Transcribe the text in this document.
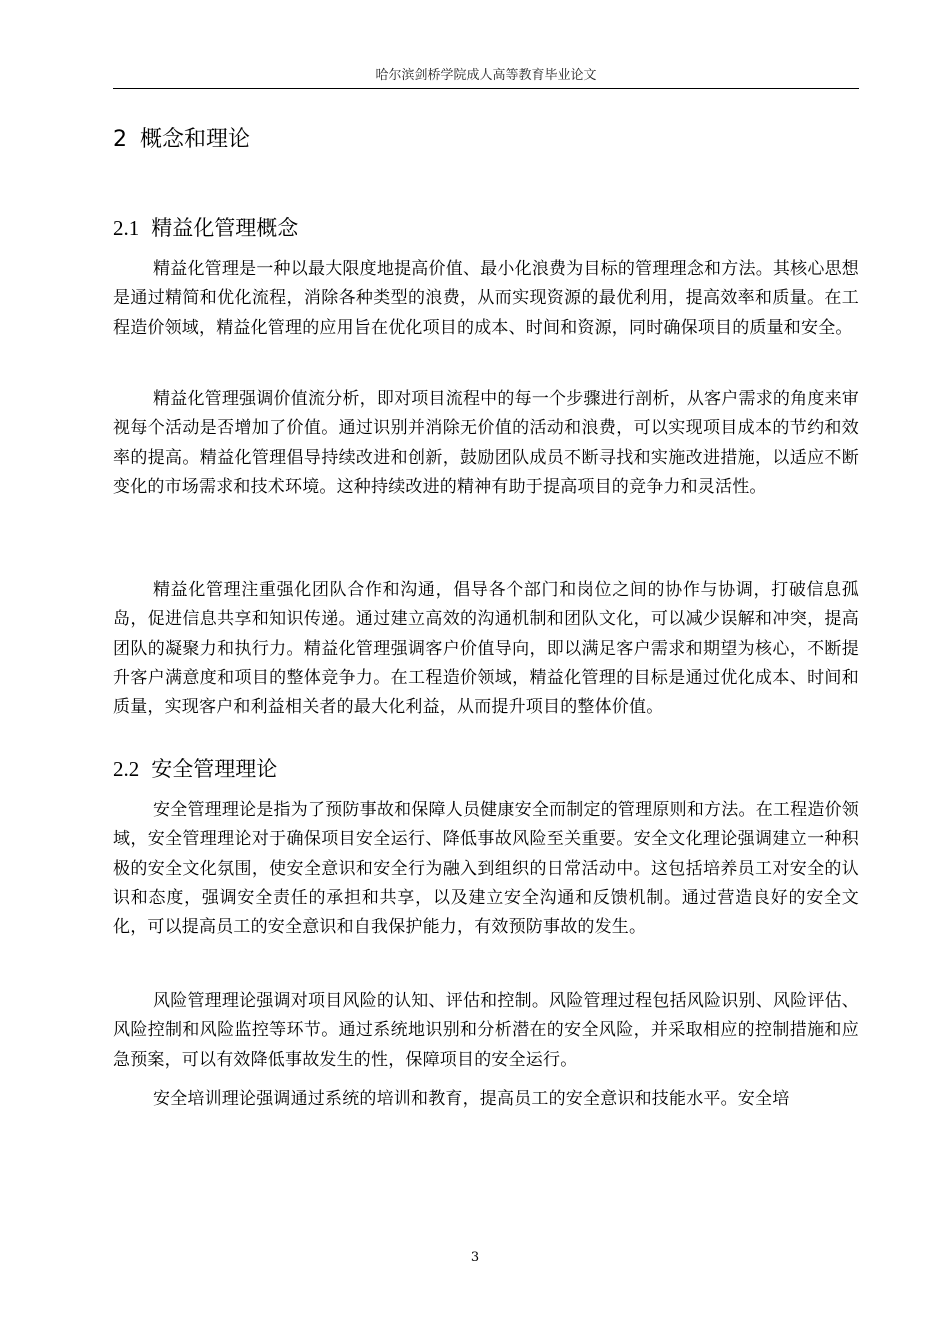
哈尔滨剑桥学院成人高等教育毕业论文
2 概念和理论
2.1 精益化管理概念

精益化管理是一种以最大限度地提高价值、最小化浪费为目标的管理理念和方法。其核心思想是通过精简和优化流程，消除各种类型的浪费，从而实现资源的最优利用，提高效率和质量。在工程造价领域，精益化管理的应用旨在优化项目的成本、时间和资源，同时确保项目的质量和安全。

精益化管理强调价值流分析，即对项目流程中的每一个步骤进行剖析，从客户需求的角度来审视每个活动是否增加了价值。通过识别并消除无价值的活动和浪费，可以实现项目成本的节约和效率的提高。精益化管理倡导持续改进和创新，鼓励团队成员不断寻找和实施改进措施，以适应不断变化的市场需求和技术环境。这种持续改进的精神有助于提高项目的竞争力和灵活性。

精益化管理注重强化团队合作和沟通，倡导各个部门和岗位之间的协作与协调，打破信息孤岛，促进信息共享和知识传递。通过建立高效的沟通机制和团队文化，可以减少误解和冲突，提高团队的凝聚力和执行力。精益化管理强调客户价值导向，即以满足客户需求和期望为核心，不断提升客户满意度和项目的整体竞争力。在工程造价领域，精益化管理的目标是通过优化成本、时间和质量，实现客户和利益相关者的最大化利益，从而提升项目的整体价值。

2.2 安全管理理论

安全管理理论是指为了预防事故和保障人员健康安全而制定的管理原则和方法。在工程造价领域，安全管理理论对于确保项目安全运行、降低事故风险至关重要。安全文化理论强调建立一种积极的安全文化氛围，使安全意识和安全行为融入到组织的日常活动中。这包括培养员工对安全的认识和态度，强调安全责任的承担和共享，以及建立安全沟通和反馈机制。通过营造良好的安全文化，可以提高员工的安全意识和自我保护能力，有效预防事故的发生。

风险管理理论强调对项目风险的认知、评估和控制。风险管理过程包括风险识别、风险评估、风险控制和风险监控等环节。通过系统地识别和分析潜在的安全风险，并采取相应的控制措施和应急预案，可以有效降低事故发生的性，保障项目的安全运行。

安全培训理论强调通过系统的培训和教育，提高员工的安全意识和技能水平。安全培

3
